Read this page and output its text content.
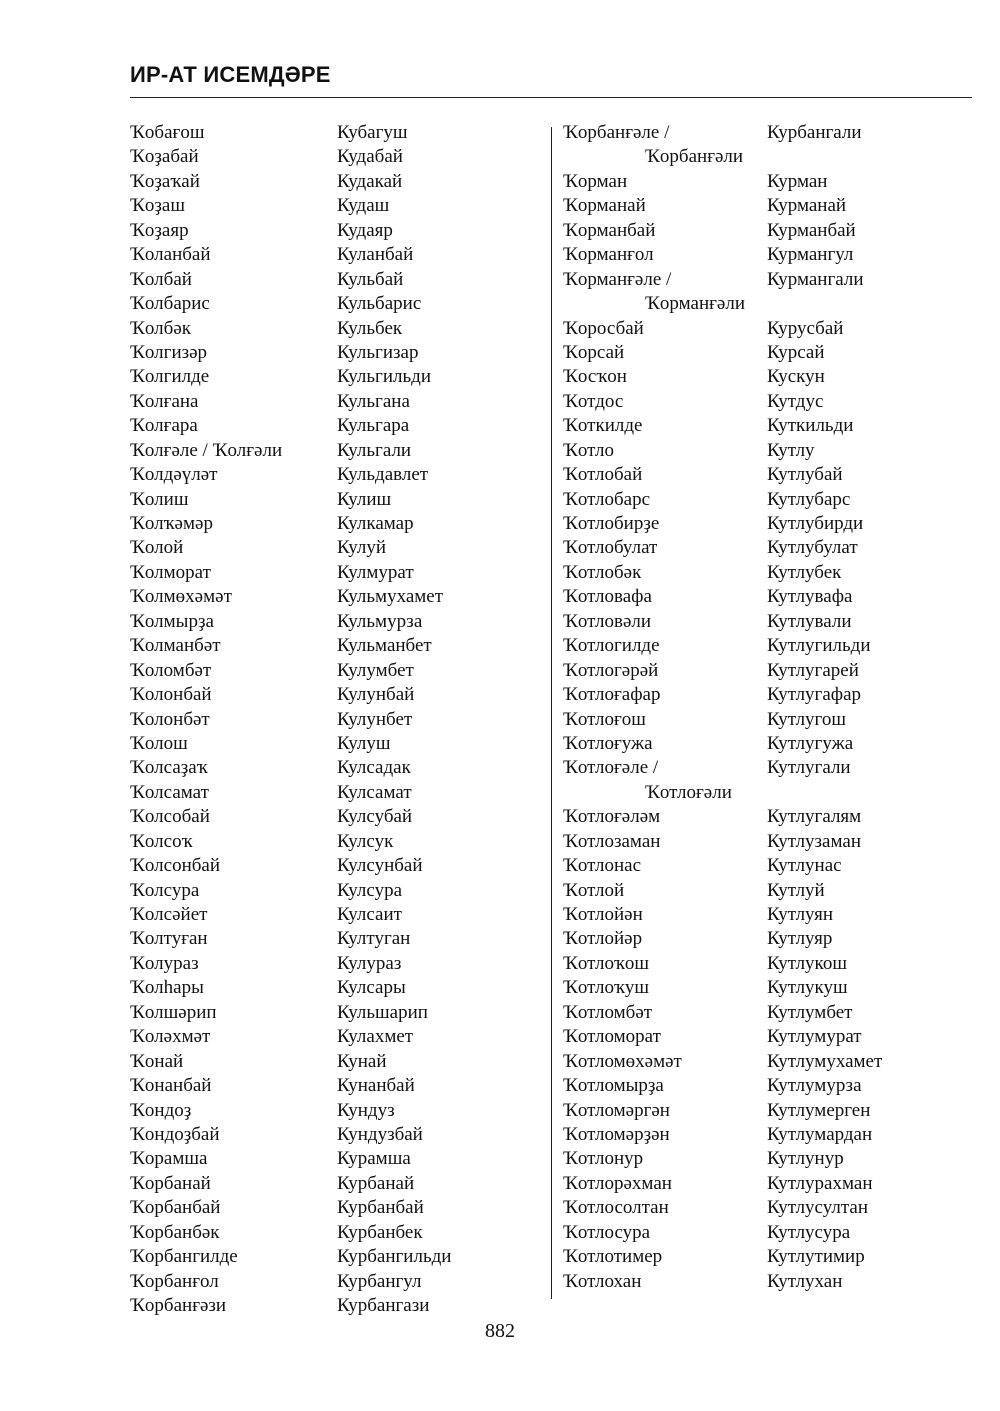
ИР-АТ ИСЕМДӘРЕ
Ҡобағош	Кубагуш
Ҡоҙабай	Кудабай
Ҡоҙаҡай	Кудакай
Ҡоҙаш	Кудаш
Ҡоҙаяр	Кудаяр
Ҡоланбай	Куланбай
Ҡолбай	Кульбай
Ҡолбарис	Кульбарис
Ҡолбәк	Кульбек
Ҡолгизәр	Кульгизар
Ҡолгилде	Кульгильди
Ҡолғана	Кульгана
Ҡолғара	Кульгара
Ҡолғәле / Ҡолғәли	Кульгали
Ҡолдәүләт	Кульдавлет
Ҡолиш	Кулиш
Ҡолҡәмәр	Кулкамар
Ҡолой	Кулуй
Ҡолморат	Кулмурат
Ҡолмөхәмәт	Кульмухамет
Ҡолмырҙа	Кульмурза
Ҡолманбәт	Кульманбет
Ҡоломбәт	Кулумбет
Ҡолонбай	Кулунбай
Ҡолонбәт	Кулунбет
Ҡолош	Кулуш
Ҡолсаҙаҡ	Кулсадак
Ҡолсамат	Кулсамат
Ҡолсобай	Кулсубай
Ҡолсоҡ	Кулсук
Ҡолсонбай	Кулсунбай
Ҡолсура	Кулсура
Ҡолсәйет	Кулсаит
Ҡолтуған	Култуган
Ҡолураз	Кулураз
Ҡолһары	Кулсары
Ҡолшәрип	Кульшарип
Ҡоләхмәт	Кулахмет
Ҡонай	Кунай
Ҡонанбай	Кунанбай
Ҡондоҙ	Кундуз
Ҡондоҙбай	Кундузбай
Ҡорамша	Курамша
Ҡорбанай	Курбанай
Ҡорбанбай	Курбанбай
Ҡорбанбәк	Курбанбек
Ҡорбангилде	Курбангильди
Ҡорбанғол	Курбангул
Ҡорбанғәзи	Курбангази
Ҡорбанғәле /	Курбангали
Ҡорбанғәли
Ҡорман	Курман
Ҡорманай	Курманай
Ҡорманбай	Курманбай
Ҡорманғол	Курмангул
Ҡорманғәле /	Курмангали
Ҡорманғәли
Ҡоросбай	Курусбай
Ҡорсай	Курсай
Ҡосҡон	Кускун
Ҡотдос	Кутдус
Ҡоткилде	Куткильди
Ҡотло	Кутлу
Ҡотлобай	Кутлубай
Ҡотлобарс	Кутлубарс
Ҡотлобирҙе	Кутлубирди
Ҡотлобулат	Кутлубулат
Ҡотлобәк	Кутлубек
Ҡотловафа	Кутлувафа
Ҡотловәли	Кутлували
Ҡотлогилде	Кутлугильди
Ҡотлогәрәй	Кутлугарей
Ҡотлоғафар	Кутлугафар
Ҡотлоғош	Кутлугош
Ҡотлоғужа	Кутлугужа
Ҡотлоғәле /	Кутлугали
Ҡотлоғәли
Ҡотлоғәләм	Кутлугалям
Ҡотлозаман	Кутлузаман
Ҡотлонас	Кутлунас
Ҡотлой	Кутлуй
Ҡотлойән	Кутлуян
Ҡотлойәр	Кутлуяр
Ҡотлоҡош	Кутлукош
Ҡотлоҡуш	Кутлукуш
Ҡотломбәт	Кутлумбет
Ҡотломорат	Кутлумурат
Ҡотломөхәмәт	Кутлумухамет
Ҡотломырҙа	Кутлумурза
Ҡотломәргән	Кутлумерген
Ҡотломәрҙән	Кутлумардан
Ҡотлонур	Кутлунур
Ҡотлорәхман	Кутлурахман
Ҡотлосолтан	Кутлусултан
Ҡотлосура	Кутлусура
Ҡотлотимер	Кутлутимир
Ҡотлохан	Кутлухан
882
